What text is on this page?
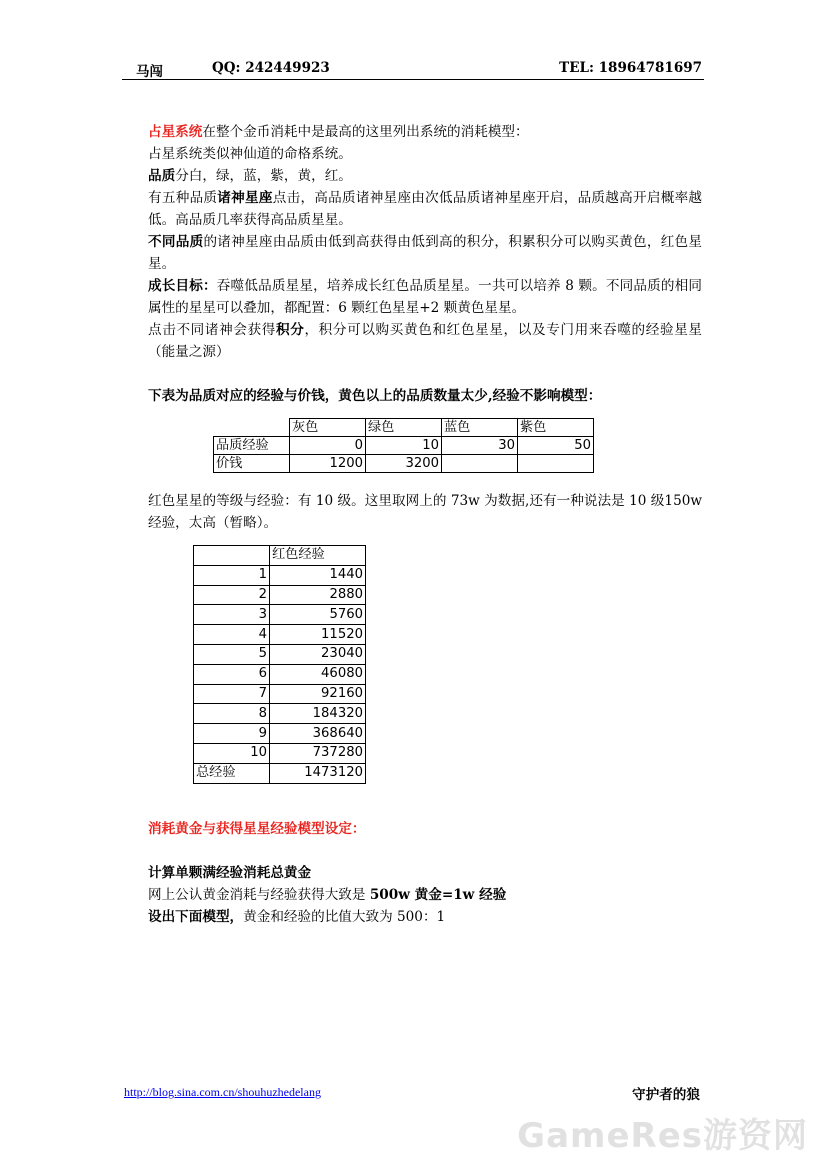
马闯	QQ: 242449923	TEL: 18964781697

占星系统在整个金币消耗中是最高的这里列出系统的消耗模型：

占星系统类似神仙道的命格系统。

品质分白，绿，蓝，紫，黄，红。

有五种品质诸神星座点击，高品质诸神星座由次低品质诸神星座开启，品质越高开启概率越低。高品质几率获得高品质星星。

不同品质的诸神星座由品质由低到高获得由低到高的积分，积累积分可以购买黄色，红色星星。

成长目标：吞噬低品质星星，培养成长红色品质星星。一共可以培养 8 颗。不同品质的相同属性的星星可以叠加，都配置：6 颗红色星星+2 颗黄色星星。

点击不同诸神会获得积分，积分可以购买黄色和红色星星，以及专门用来吞噬的经验星星（能量之源）

下表为品质对应的经验与价钱，黄色以上的品质数量太少,经验不影响模型：

	灰色	绿色	蓝色	紫色
品质经验	0	10	30	50
价钱	1200	3200		

红色星星的等级与经验：有 10 级。这里取网上的 73w 为数据,还有一种说法是 10 级150w 经验，太高（暂略）。

	红色经验
1	1440
2	2880
3	5760
4	11520
5	23040
6	46080
7	92160
8	184320
9	368640
10	737280
总经验	1473120

消耗黄金与获得星星经验模型设定：

计算单颗满经验消耗总黄金

网上公认黄金消耗与经验获得大致是 500w 黄金=1w 经验

设出下面模型，黄金和经验的比值大致为 500：1

http://blog.sina.com.cn/shouhuzhedelang	守护者的狼
GameRes游资网
